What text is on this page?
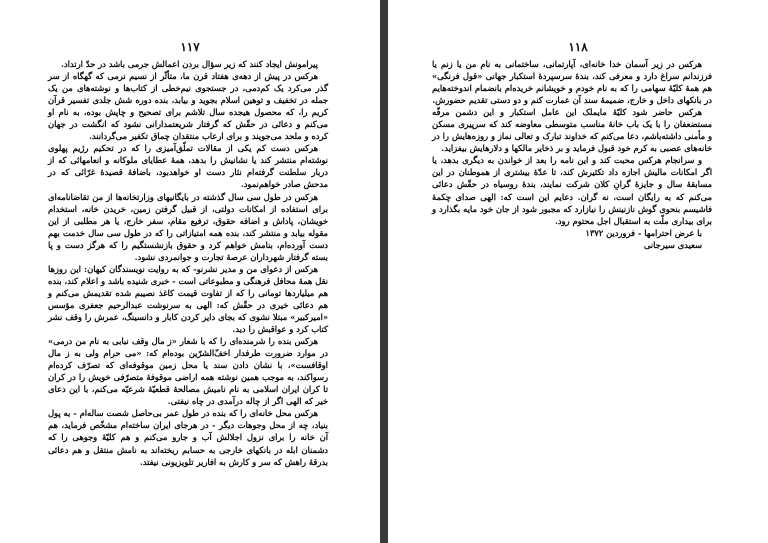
۱۱۷

پیرامونش ایجاد کنند که زیر سؤال بردن اعمالش جرمی باشد در حدّ ارتداد.

هرکس در پیش از دهه‌ی هفتاد قرن ما، متأثّر از نسیم نرمی که گهگاه از سر گذر می‌کرد یک کم‌دمی، در جستجوی نیم‌خطی از کتاب‌ها و نوشته‌های من یک جمله در تخفیف و توهین اسلام بجوید و بیابد، بنده دوره شش جلدی تفسیر قرآن کریم را، که محصول هیجده سال تلاشم برای تصحیح و چاپش بوده، به نام او می‌کنم و دعائی در حقّش که گرفتار شریعتمدارانی نشود که انگشت در جهان کرده و ملحد می‌جویند و برای ارعاب منتقدان چماق تکفیر می‌گردانند.

هرکس دست کم یکی از مقالات تملّق‌آمیزی را که در تحکیم رژیم پهلوی نوشته‌ام منتشر کند یا نشانیش را بدهد، همهٔ عطایای ملوکانه و انعامهائی که از دربار سلطنت گرفته‌ام نثار دست او خواهدبود، باضافهٔ قصیدهٔ غرّائی که در مدحش صادر خواهم‌نمود.

هرکس در طول سی سال گذشته در بایگانیهای وزارتخانه‌ها از من تقاضانامه‌ای برای استفاده از امکانات دولتی، از قبیل گرفتن زمین، خریدن خانه، استخدام خویشان، پاداش و اضافه حقوق، ترفیع مقام، سفر خارج، یا هر مطلبی از این مقوله بیابد و منتشر کند، بنده همه امتیازاتی را که در طول سی سال خدمت بهم دست آورده‌ام، بنامش خواهم کرد و حقوق بازنشستگیم را که هرگز دست و پا بسته گرفتار شهرداران عرصهٔ تجارت و جوانمردی نشود.

هرکس از دعوای من و مدیر نشرنو- که به روایت نویسندگان کیهان: این روزها نقل همهٔ محافل فرهنگی و مطبوعاتی است - خبری شنیده باشد و اعلام کند، بنده هم میلیاردها تومانی را که از تفاوت قیمت کاغذ نصیبم شده تقدیمش می‌کنم و هم دعائی خیری در حقّش که: الهی به سرنوشت عبدالرحیم جعفری مؤسس «امیرکبیر» مبتلا نشوی که بجای دایر کردن کابار و دانسینگ، عمرش را وقف نشر کتاب کرد و عواقبش را دید.

هرکس بنده را شرمنده‌ای را که با شعار «ز مال وقف نبابی به نام من درمی» در موارد ضرورت طرفدار اخفّ‌الشرّین بوده‌ام که: «می حرام ولی به ز مال اوقافست»، با نشان دادن سند یا محل زمین موقوفه‌ای که تصرّف کرده‌ام رسواکند، به موجب همین نوشته همه اراضی موقوفهٔ متصرّفی خویش را در کران تا کران ایران اسلامی به نام نامیش مصالحهٔ قطعیّهٔ شرعیّه می‌کنم، با این دعای خیر که الهی اگر از چاله درآمدی در چاه نیفتی.

هرکس محل خانه‌ای را که بنده در طول عمر بی‌حاصل شصت ساله‌ام - به پول بنیاد، چه از محل وجوهات دیگر - در هرجای ایران ساخته‌ام مشخّص فرماید، هم آن خانه را برای نزول اجلالش آب و جارو می‌کنم و هم کلیّهٔ وجوهی را که دشمنان ابله در بانکهای خارجی به حسابم ریخته‌اند به نامش منتقل و هم دعائی بدرقهٔ راهش که سر و کارش به افاریر تلویزیونی نیفتد.

۱۱۸

هرکس در زیر آسمان خدا خانه‌ای، آپارتمانی، ساختمانی به نام من یا زنم یا فرزندانم سراغ دارد و معرفی کند، بندهٔ سرسپردهٔ استکبار جهانی «قول فرنگی» هم همهٔ کلیّهٔ سهامی را که به نام خودم و خویشانم خریده‌ام بانضمام اندوخته‌هایم در بانکهای داخل و خارج، ضمیمهٔ سند آن عمارت کنم و دو دستی تقدیم حضورش.

هرکس حاضر شود کلیّهٔ مایملک این عامل استکبار و این دشمن مرفّه مستضعفان را با یک باب خانهٔ مناسب متوسطی معاوضه کند که سرپیری مسکن و مأمنی داشته‌باشم، دعا می‌کنم که خداوند تبارک و تعالی نماز و روزه‌هایش را در خانه‌های عصبی به کرم خود قبول فرماید و بر ذخایر مالکها و دلارهایش بیفزاید.

و سرانجام هرکس محبت کند و این نامه را بعد از خواندن به دیگری بدهد، یا اگر امکانات مالیش اجازه داد تکثیرش کند، تا عدّهٔ بیشتری از هموطنان در این مسابقهٔ سال و جایزهٔ گرانِ کلان شرکت نمایند، بندهٔ روسیاه در حقّش دعائی می‌کنم که به رایگان است، نه گران. دعایم این است که: الهی صدای چکمهٔ فاشیسم بنحوی گوش نازنینش را نیازارد که مجبور شود از جان خود مایه بگذارد و برای بیداری ملّت به استقبال اجل محتوم رود.

با عرض احترامها - فروردین ۱۳۷۲

سعیدی سیرجانی
